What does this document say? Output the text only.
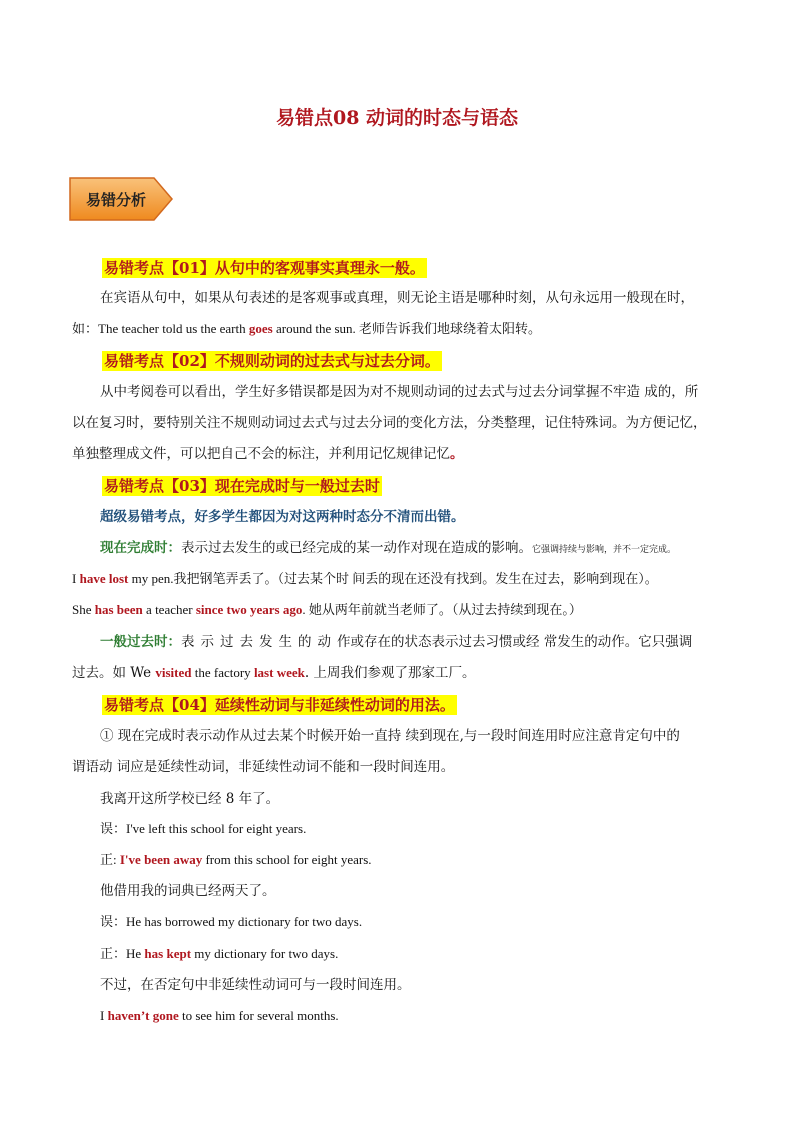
易错点08 动词的时态与语态
易错分析
易错考点【01】从句中的客观事实真理永一般。
在宾语从句中，如果从句表述的是客观事或真理，则无论主语是哪种时刻，从句永远用一般现在时，
如：The teacher told us the earth goes around the sun. 老师告诉我们地球绕着太阳转。
易错考点【02】不规则动词的过去式与过去分词。
从中考阅卷可以看出，学生好多错误都是因为对不规则动词的过去式与过去分词掌握不牢造 成的，所
以在复习时，要特别关注不规则动词过去式与过去分词的变化方法，分类整理，记住特殊词。为方便记忆，
单独整理成文件，可以把自己不会的标注，并利用记忆规律记忆。
易错考点【03】现在完成时与一般过去时
超级易错考点，好多学生都因为对这两种时态分不清而出错。
现在完成时：表示过去发生的或已经完成的某一动作对现在造成的影响。它强调持续与影响，并不一定完成。
I have lost my pen.我把钢笔弄丢了。（过去某个时 间丢的现在还没有找到。发生在过去，影响到现在）。
She has been a teacher since two years ago. 她从两年前就当老师了。（从过去持续到现在。）
一般过去时：表示过去发生的动作或存在的状态表示过去习惯或经 常发生的动作。它只强调
过去。如 We visited the factory last week. 上周我们参观了那家工厂。
易错考点【04】延续性动词与非延续性动词的用法。
① 现在完成时表示动作从过去某个时候开始一直持 续到现在,与一段时间连用时应注意肯定句中的
谓语动 词应是延续性动词，非延续性动词不能和一段时间连用。
我离开这所学校已经 8 年了。
误：I've left this school for eight years.
正: I've been away from this school for eight years.
他借用我的词典已经两天了。
误：He has borrowed my dictionary for two days.
正：He has kept my dictionary for two days.
不过，在否定句中非延续性动词可与一段时间连用。
I haven’t gone to see him for several months.
